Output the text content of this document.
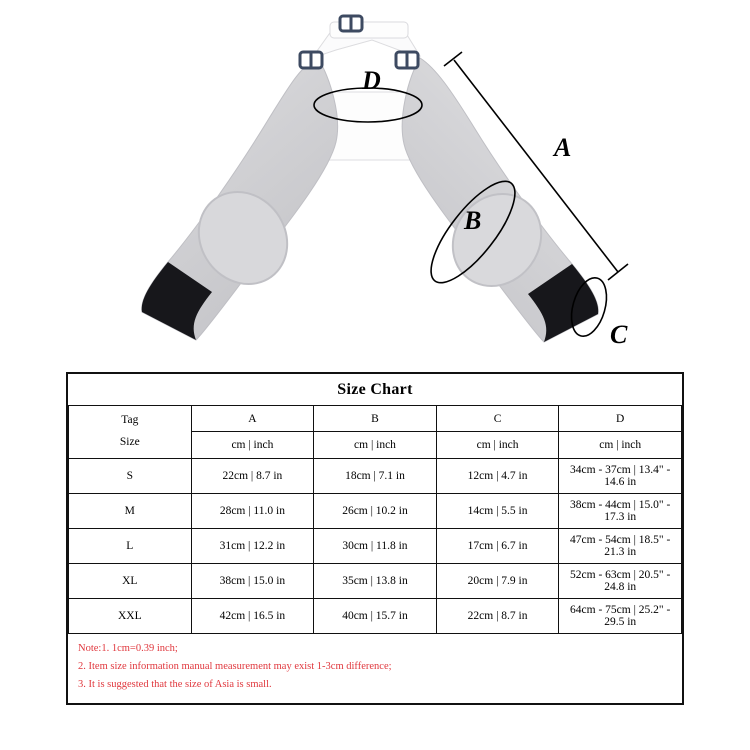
A
B
C
D
Size Chart				
Tag
Size	A	B	C	D
	cm | inch	cm | inch	cm | inch	cm | inch
S	22cm | 8.7 in	18cm | 7.1 in	12cm | 4.7 in	34cm - 37cm | 13.4" - 14.6 in
M	28cm | 11.0 in	26cm | 10.2 in	14cm | 5.5 in	38cm - 44cm | 15.0" - 17.3 in
L	31cm | 12.2 in	30cm | 11.8 in	17cm | 6.7 in	47cm - 54cm | 18.5" - 21.3 in
XL	38cm | 15.0 in	35cm | 13.8 in	20cm | 7.9 in	52cm - 63cm | 20.5" - 24.8 in
XXL	42cm | 16.5 in	40cm | 15.7 in	22cm | 8.7 in	64cm - 75cm | 25.2" - 29.5 in
Note:1. 1cm=0.39 inch;
2. Item size information manual measurement may exist 1-3cm difference;
3. It is suggested that the size of Asia is small.
